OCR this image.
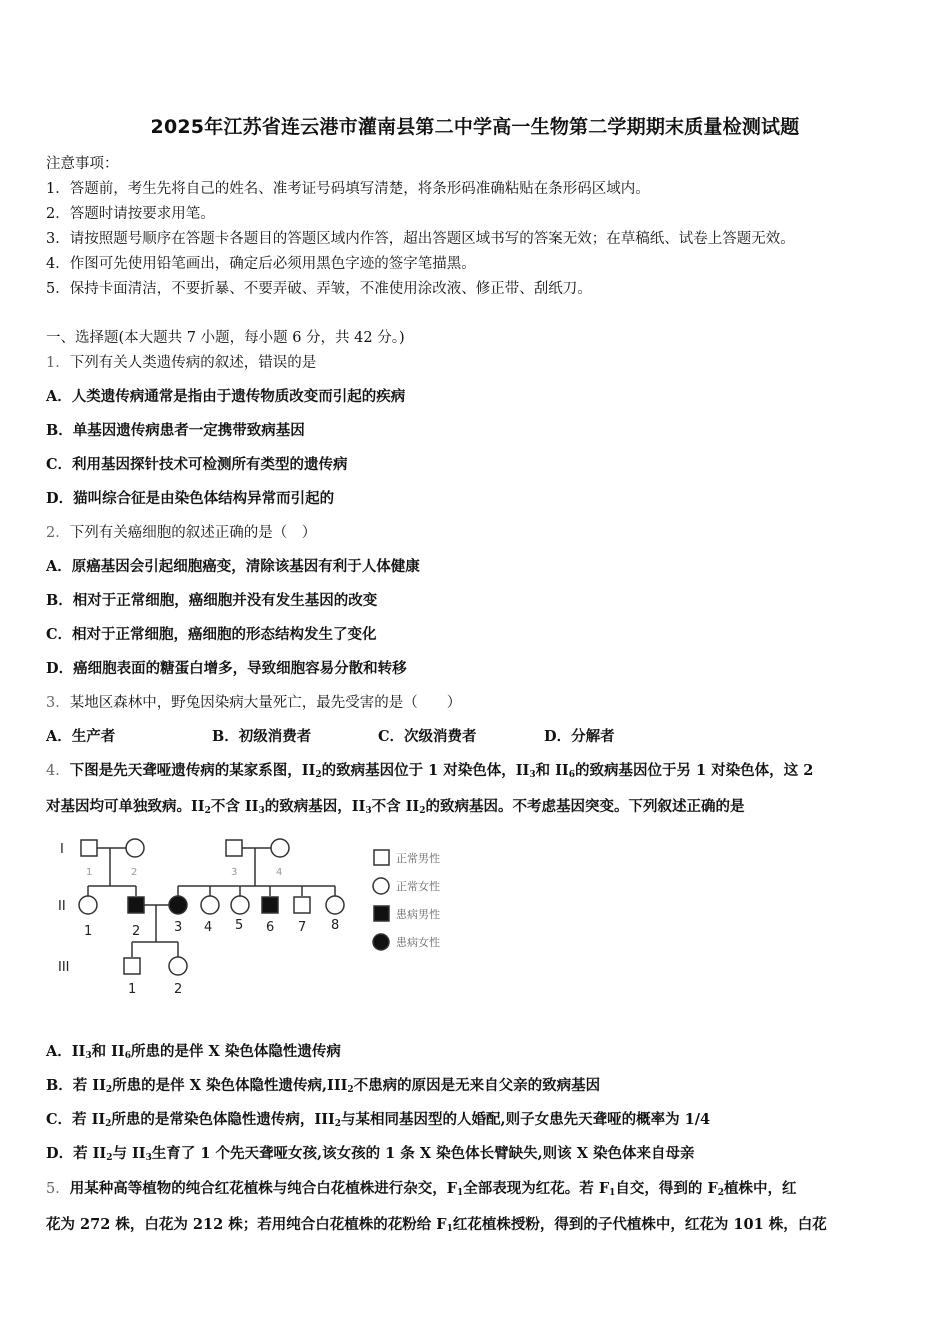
2025年江苏省连云港市灌南县第二中学高一生物第二学期期末质量检测试题
注意事项：
1．答题前，考生先将自己的姓名、准考证号码填写清楚，将条形码准确粘贴在条形码区域内。
2．答题时请按要求用笔。
3．请按照题号顺序在答题卡各题目的答题区域内作答，超出答题区域书写的答案无效；在草稿纸、试卷上答题无效。
4．作图可先使用铅笔画出，确定后必须用黑色字迹的签字笔描黑。
5．保持卡面清洁，不要折暴、不要弄破、弄皱，不准使用涂改液、修正带、刮纸刀。
一、选择题(本大题共 7 小题，每小题 6 分，共 42 分。)
1．下列有关人类遗传病的叙述，错误的是
A．人类遗传病通常是指由于遗传物质改变而引起的疾病
B．单基因遗传病患者一定携带致病基因
C．利用基因探针技术可检测所有类型的遗传病
D．猫叫综合征是由染色体结构异常而引起的
2．下列有关癌细胞的叙述正确的是（　）
A．原癌基因会引起细胞癌变，清除该基因有利于人体健康
B．相对于正常细胞，癌细胞并没有发生基因的改变
C．相对于正常细胞，癌细胞的形态结构发生了变化
D．癌细胞表面的糖蛋白增多，导致细胞容易分散和转移
3．某地区森林中，野兔因染病大量死亡，最先受害的是（　　）
A．生产者	B．初级消费者	C．次级消费者	D．分解者
4．下图是先天聋哑遗传病的某家系图，$II_2$的致病基因位于 1 对染色体，$II_3$和 $II_6$的致病基因位于另 1 对染色体，这 2
对基因均可单独致病。$II_2$不含 $II_3$的致病基因，$II_3$不含 $II_2$的致病基因。不考虑基因突变。下列叙述正确的是
I
II
III
1	2	3	4
1	2	3 4 5 6 7 8
1	2
正常男性
正常女性
患病男性
患病女性
A．$II_3$和 $II_6$所患的是伴 X 染色体隐性遗传病
B．若 $II_2$所患的是伴 X 染色体隐性遗传病$,III_2$不患病的原因是无来自父亲的致病基因
C．若 $II_2$所患的是常染色体隐性遗传病，$III_2$与某相同基因型的人婚配,则子女患先天聋哑的概率为 1/4
D．若 $II_2$与 $II_3$生育了 1 个先天聋哑女孩,该女孩的 1 条 X 染色体长臂缺失,则该 X 染色体来自母亲
5．用某种高等植物的纯合红花植株与纯合白花植株进行杂交，$F_1$全部表现为红花。若 $F_1$自交，得到的 $F_2$植株中，红
花为 272 株，白花为 212 株；若用纯合白花植株的花粉给 $F_1$红花植株授粉，得到的子代植株中，红花为 101 株，白花
